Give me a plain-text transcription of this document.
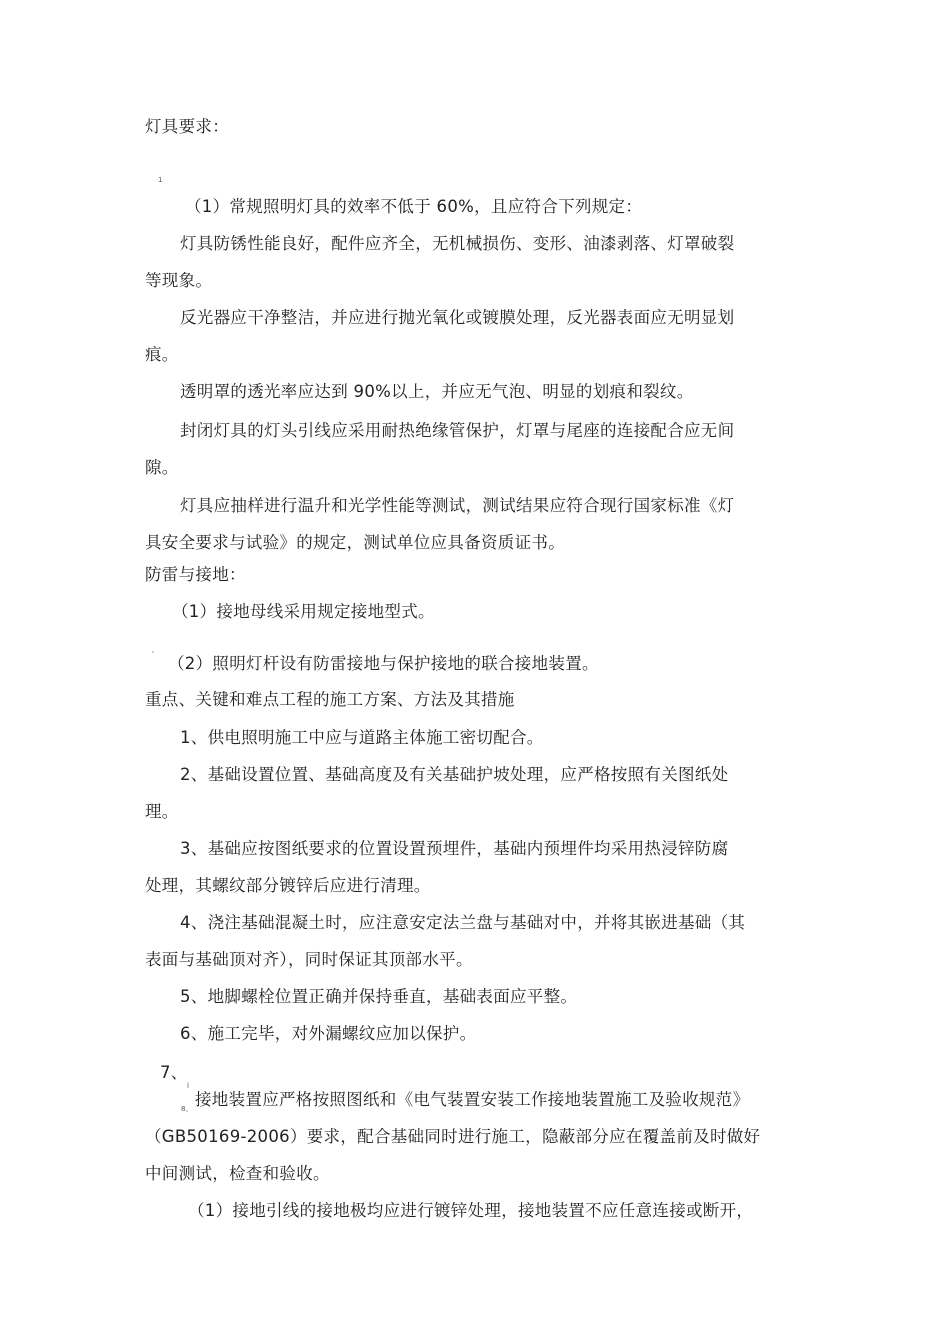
灯具要求：
1
（1）常规照明灯具的效率不低于 60%，且应符合下列规定：
灯具防锈性能良好，配件应齐全，无机械损伤、变形、油漆剥落、灯罩破裂
等现象。
反光器应干净整洁，并应进行抛光氧化或镀膜处理，反光器表面应无明显划
痕。
透明罩的透光率应达到 90%以上，并应无气泡、明显的划痕和裂纹。
封闭灯具的灯头引线应采用耐热绝缘管保护，灯罩与尾座的连接配合应无间
隙。
灯具应抽样进行温升和光学性能等测试，测试结果应符合现行国家标准《灯
具安全要求与试验》的规定，测试单位应具备资质证书。
防雷与接地：
（1）接地母线采用规定接地型式。
' （2）照明灯杆设有防雷接地与保护接地的联合接地装置。
重点、关键和难点工程的施工方案、方法及其措施
1、供电照明施工中应与道路主体施工密切配合。
2、基础设置位置、基础高度及有关基础护坡处理，应严格按照有关图纸处
理。
3、基础应按图纸要求的位置设置预埋件，基础内预埋件均采用热浸锌防腐
处理，其螺纹部分镀锌后应进行清理。
4、浇注基础混凝土时，应注意安定法兰盘与基础对中，并将其嵌进基础（其
表面与基础顶对齐），同时保证其顶部水平。
5、地脚螺栓位置正确并保持垂直，基础表面应平整。
6、施工完毕，对外漏螺纹应加以保护。
7、
l
接地装置应严格按照图纸和《电气装置安装工作接地装置施工及验收规范》
8、
（GB50169-2006）要求，配合基础同时进行施工，隐蔽部分应在覆盖前及时做好
中间测试，检查和验收。
（1）接地引线的接地极均应进行镀锌处理，接地装置不应任意连接或断开，
